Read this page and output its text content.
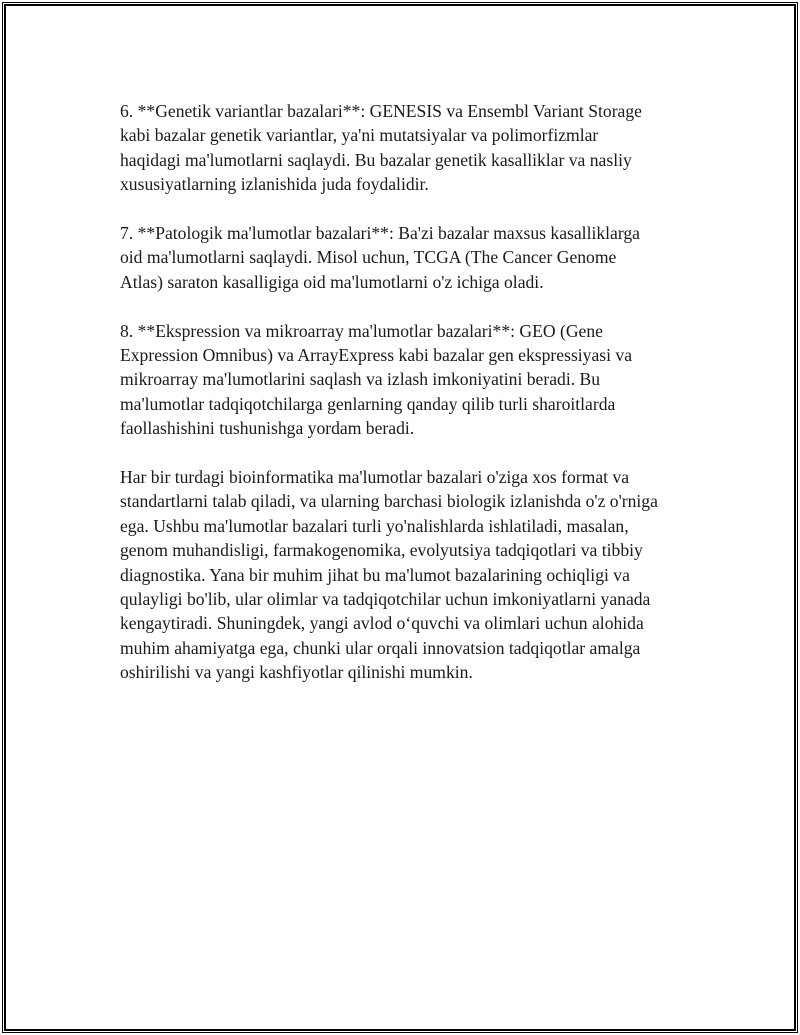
6. **Genetik variantlar bazalari**: GENESIS va Ensembl Variant Storage
kabi bazalar genetik variantlar, ya'ni mutatsiyalar va polimorfizmlar
haqidagi ma'lumotlarni saqlaydi. Bu bazalar genetik kasalliklar va nasliy
xususiyatlarning izlanishida juda foydalidir.

7. **Patologik ma'lumotlar bazalari**: Ba'zi bazalar maxsus kasalliklarga
oid ma'lumotlarni saqlaydi. Misol uchun, TCGA (The Cancer Genome
Atlas) saraton kasalligiga oid ma'lumotlarni o'z ichiga oladi.

8. **Ekspression va mikroarray ma'lumotlar bazalari**: GEO (Gene
Expression Omnibus) va ArrayExpress kabi bazalar gen ekspressiyasi va
mikroarray ma'lumotlarini saqlash va izlash imkoniyatini beradi. Bu
ma'lumotlar tadqiqotchilarga genlarning qanday qilib turli sharoitlarda
faollashishini tushunishga yordam beradi.

Har bir turdagi bioinformatika ma'lumotlar bazalari o'ziga xos format va
standartlarni talab qiladi, va ularning barchasi biologik izlanishda o'z o'rniga
ega. Ushbu ma'lumotlar bazalari turli yo'nalishlarda ishlatiladi, masalan,
genom muhandisligi, farmakogenomika, evolyutsiya tadqiqotlari va tibbiy
diagnostika. Yana bir muhim jihat bu ma'lumot bazalarining ochiqligi va
qulayligi bo'lib, ular olimlar va tadqiqotchilar uchun imkoniyatlarni yanada
kengaytiradi. Shuningdek, yangi avlod o‘quvchi va olimlari uchun alohida
muhim ahamiyatga ega, chunki ular orqali innovatsion tadqiqotlar amalga
oshirilishi va yangi kashfiyotlar qilinishi mumkin.
